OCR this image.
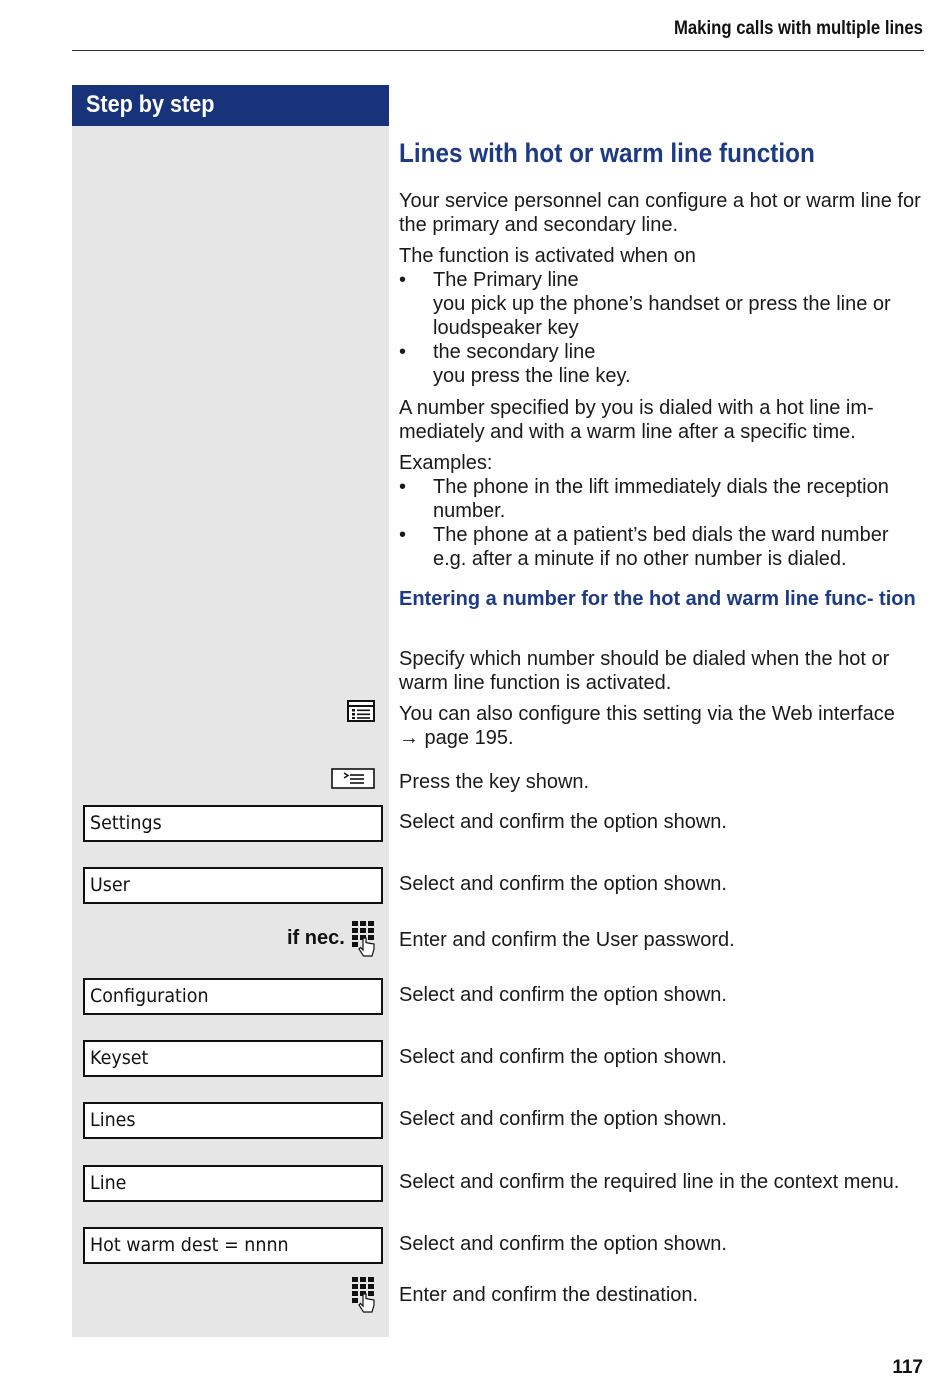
Making calls with multiple lines
Step by step
Lines with hot or warm line function

Your service personnel can configure a hot or warm line for the primary and secondary line.

The function is activated when on

• The Primary line

you pick up the phone’s handset or press the line or loudspeaker key

• the secondary line

you press the line key.

A number specified by you is dialed with a hot line im- mediately and with a warm line after a specific time.

Examples:

• The phone in the lift immediately dials the reception number.

• The phone at a patient’s bed dials the ward number e.g. after a minute if no other number is dialed.

Entering a number for the hot and warm line func- tion

Specify which number should be dialed when the hot or warm line function is activated.

You can also configure this setting via the Web interface

→ page 195.

Press the key shown.
Settings	Select and confirm the option shown.
User	Select and confirm the option shown.
if nec.	Enter and confirm the User password.
Configuration	Select and confirm the option shown.
Keyset	Select and confirm the option shown.
Lines	Select and confirm the option shown.
Line	Select and confirm the required line in the context menu.
Hot warm dest = nnnn	Select and confirm the option shown.
Enter and confirm the destination.
117
